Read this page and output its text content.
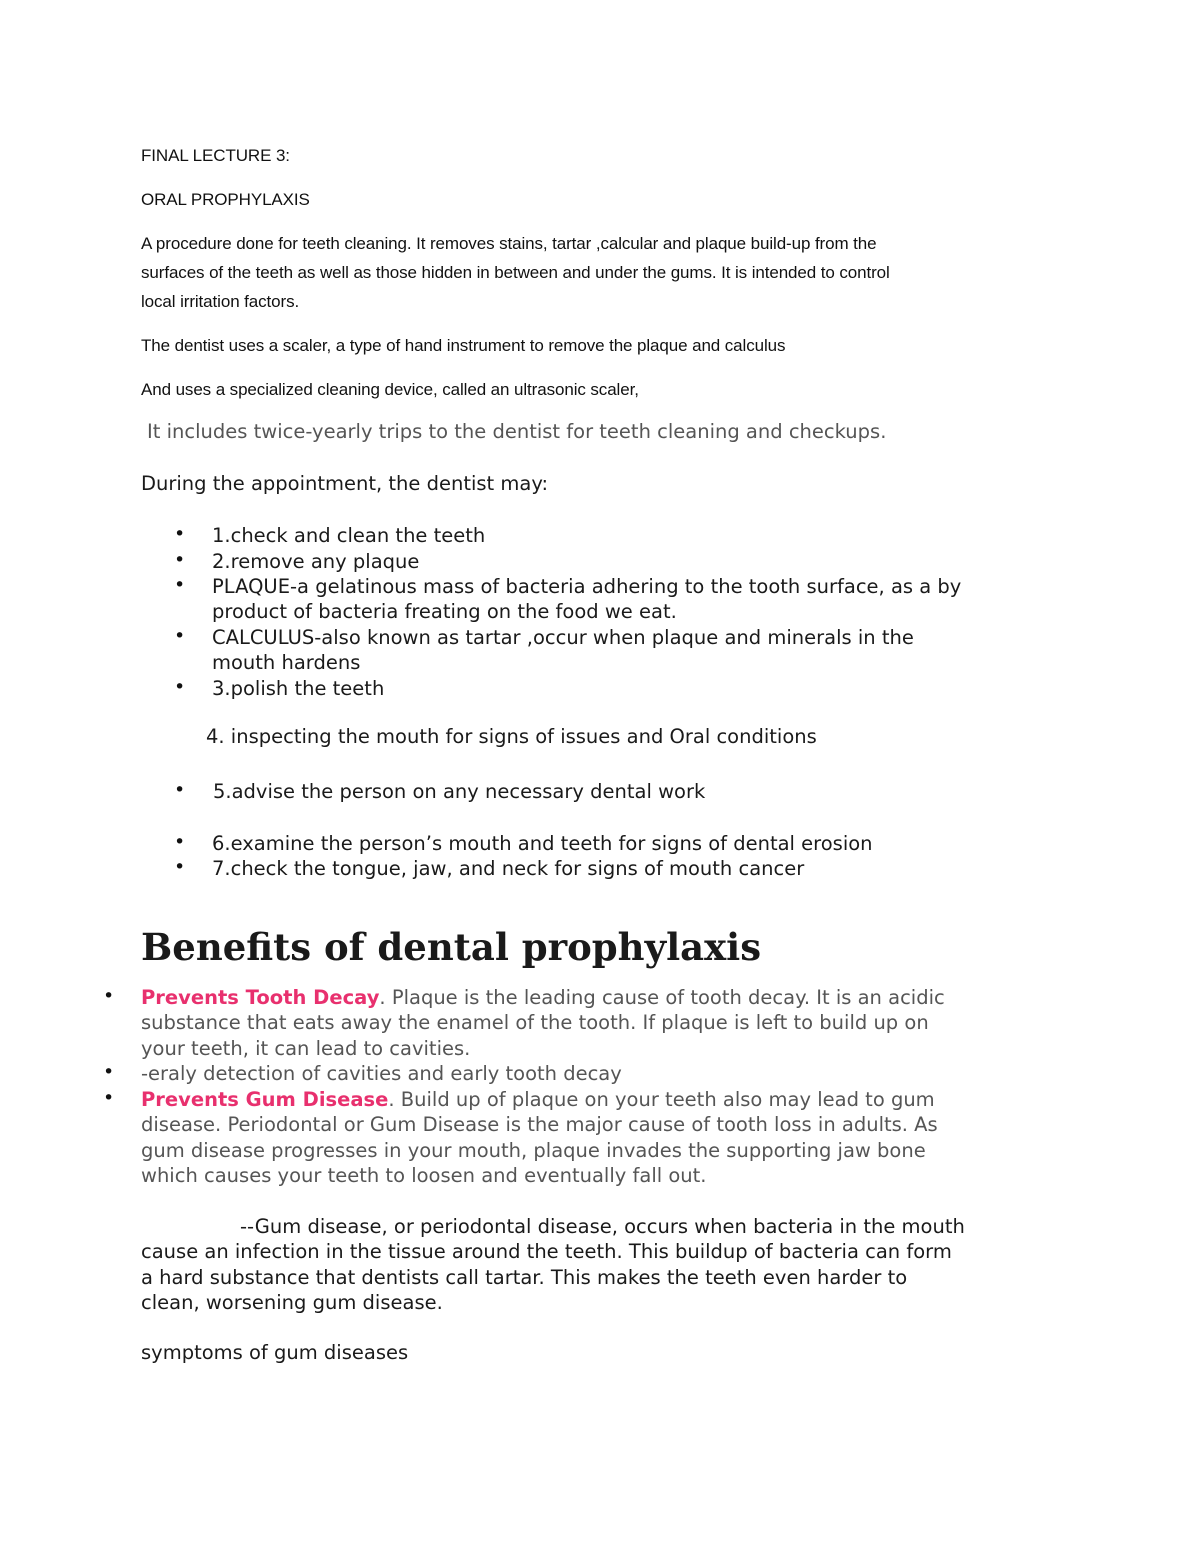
FINAL LECTURE 3:
ORAL PROPHYLAXIS
A procedure done for teeth cleaning. It removes stains, tartar ,calcular and plaque build-up from the
surfaces of the teeth as well as those hidden in between and under the gums. It is intended to control
local irritation factors.
The dentist uses a scaler, a type of hand instrument to remove the plaque and calculus
And uses a specialized cleaning device, called an ultrasonic scaler,
It includes twice-yearly trips to the dentist for teeth cleaning and checkups.
During the appointment, the dentist may:
• 1.check and clean the teeth
• 2.remove any plaque
• PLAQUE-a gelatinous mass of bacteria adhering to the tooth surface, as a by
product of bacteria freating on the food we eat.
• CALCULUS-also known as tartar ,occur when plaque and minerals in the
mouth hardens
• 3.polish the teeth
4. inspecting the mouth for signs of issues and Oral conditions
• 5.advise the person on any necessary dental work
• 6.examine the person’s mouth and teeth for signs of dental erosion
• 7.check the tongue, jaw, and neck for signs of mouth cancer
Benefits of dental prophylaxis
• Prevents Tooth Decay. Plaque is the leading cause of tooth decay. It is an acidic
substance that eats away the enamel of the tooth. If plaque is left to build up on
your teeth, it can lead to cavities.
• -eraly detection of cavities and early tooth decay
• Prevents Gum Disease. Build up of plaque on your teeth also may lead to gum
disease. Periodontal or Gum Disease is the major cause of tooth loss in adults. As
gum disease progresses in your mouth, plaque invades the supporting jaw bone
which causes your teeth to loosen and eventually fall out.
--Gum disease, or periodontal disease, occurs when bacteria in the mouth
cause an infection in the tissue around the teeth. This buildup of bacteria can form
a hard substance that dentists call tartar. This makes the teeth even harder to
clean, worsening gum disease.
symptoms of gum diseases
